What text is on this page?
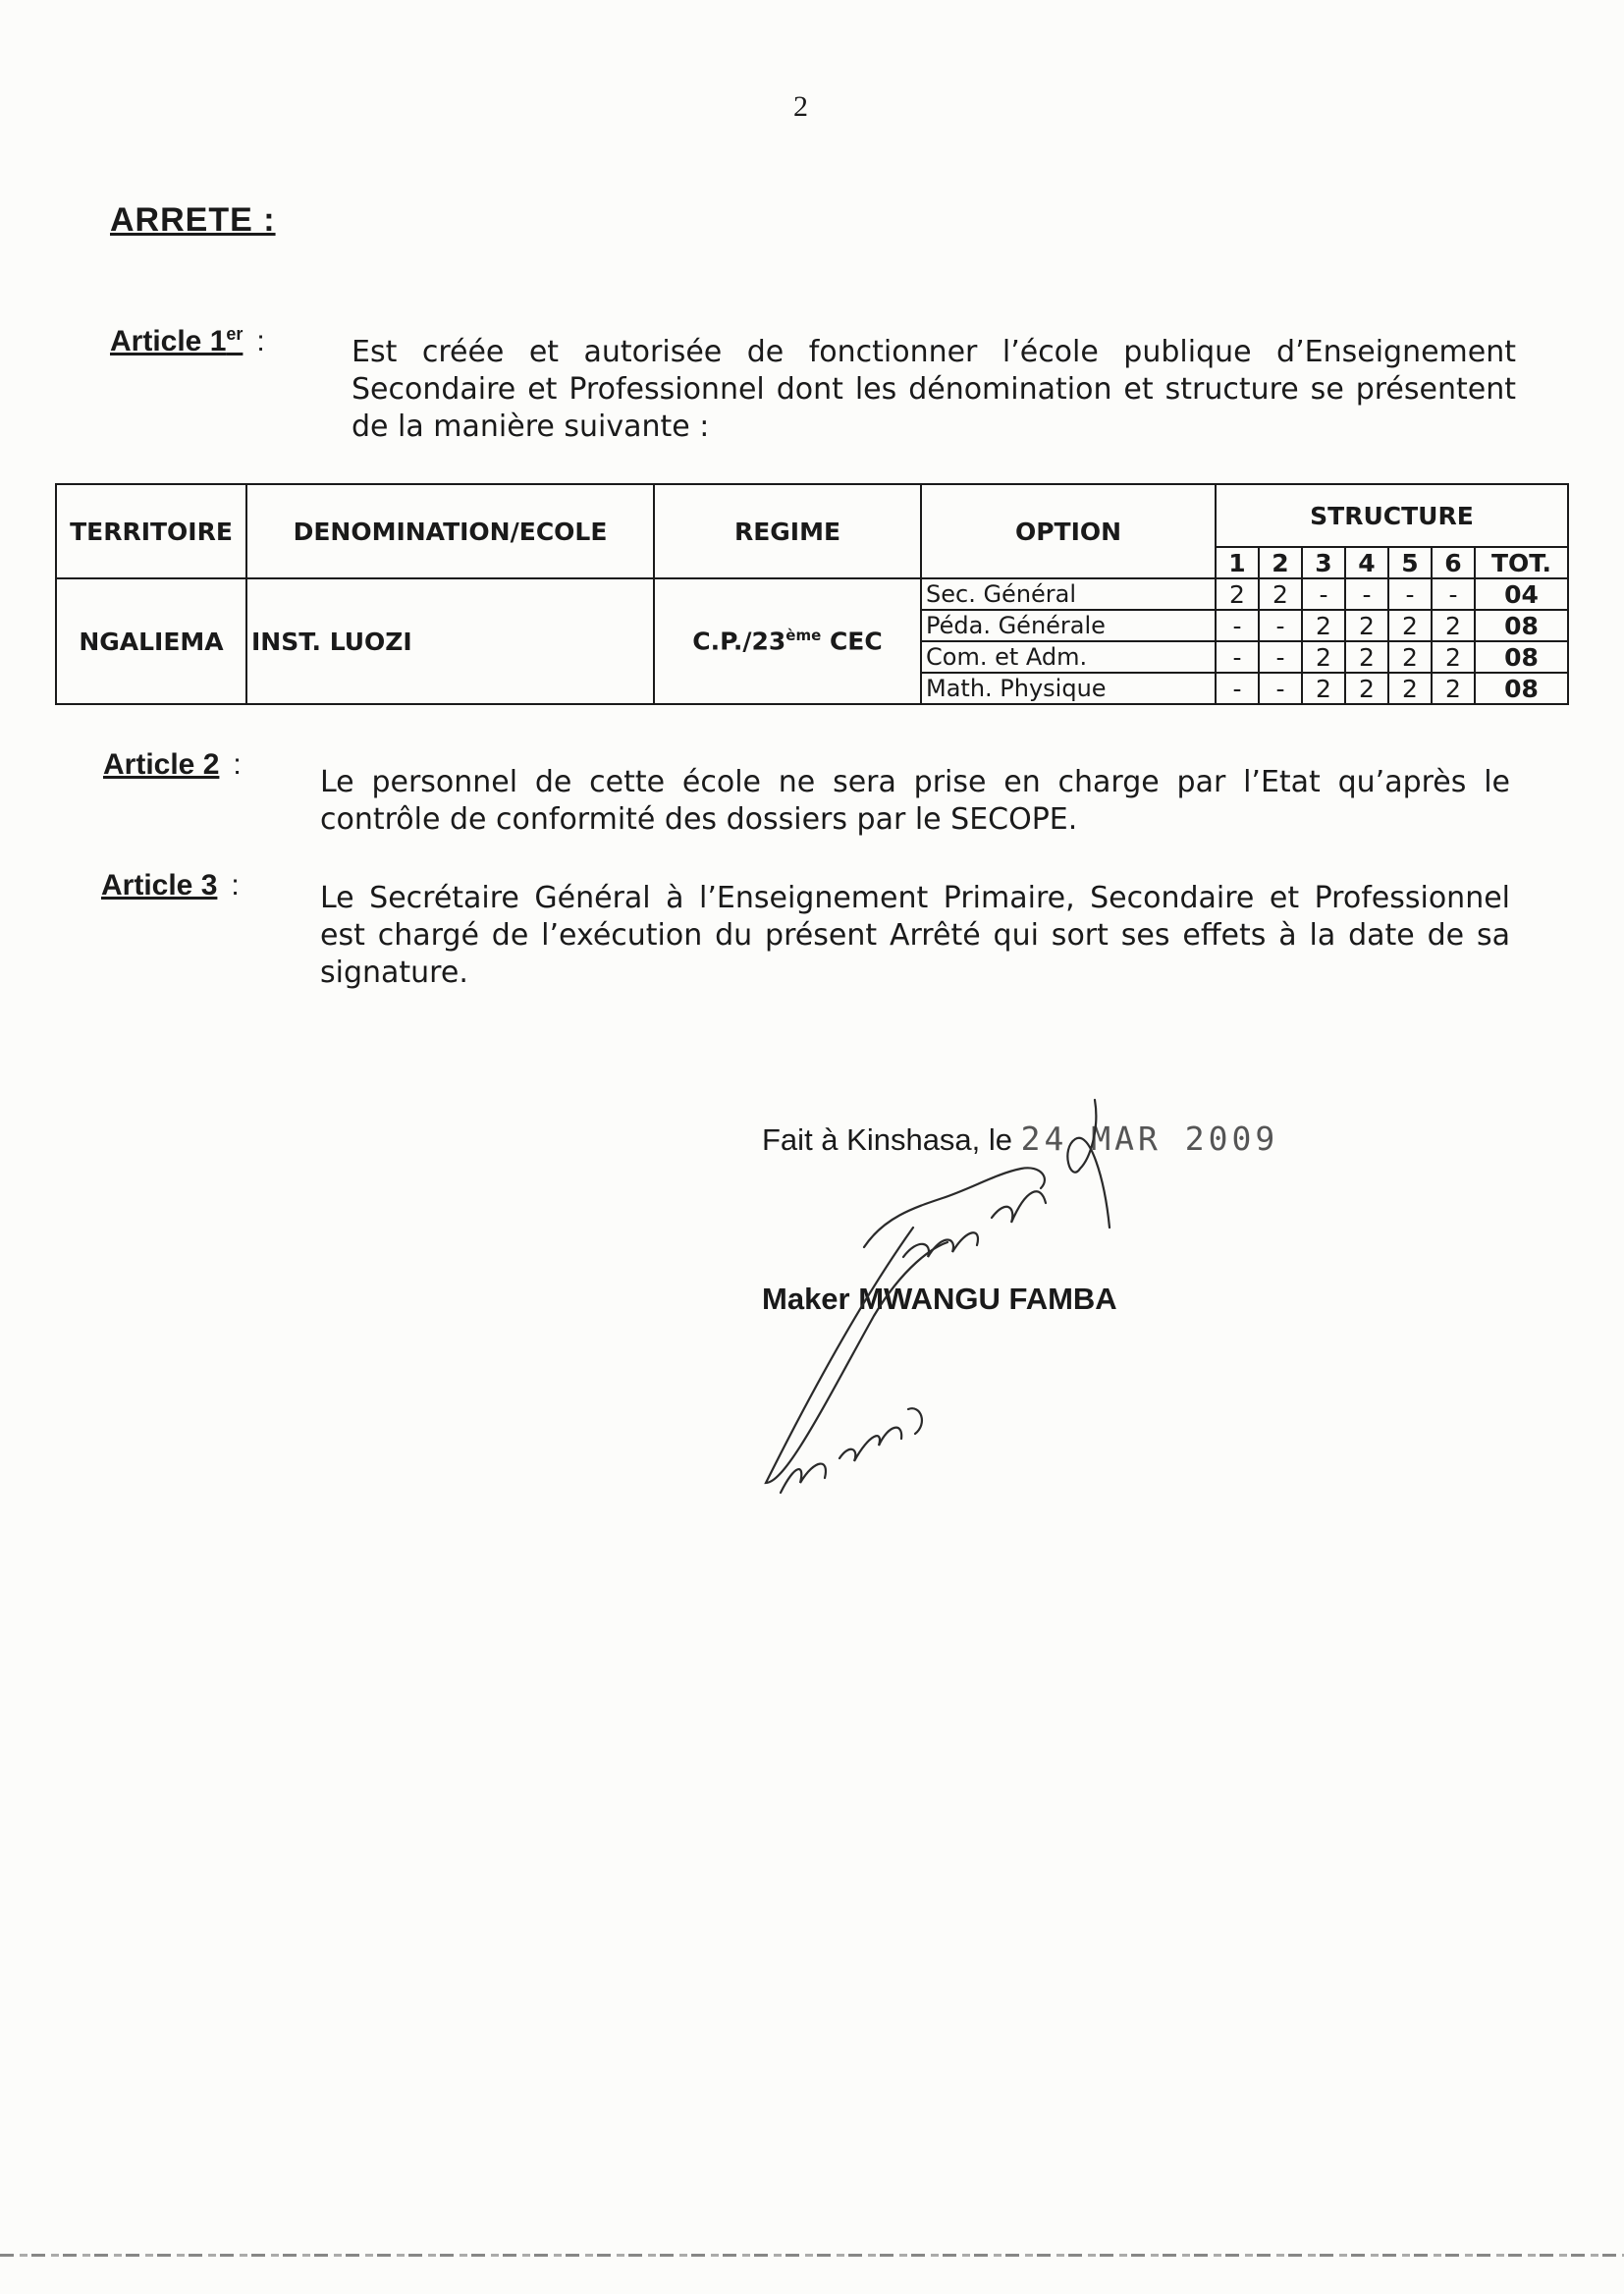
2
ARRETE :
Article 1er :	Est créée et autorisée de fonctionner l’école publique d’Enseignement Secondaire et Professionnel dont les dénomination et structure se présentent de la manière suivante :
TERRITOIRE	DENOMINATION/ECOLE	REGIME	OPTION	STRUCTURE						
				1	2	3	4	5	6	TOT.
NGALIEMA	INST. LUOZI	C.P./23ème CEC	Sec. Général	2	2	-	-	-	-	04
			Péda. Générale	-	-	2	2	2	2	08
			Com. et Adm.	-	-	2	2	2	2	08
			Math. Physique	-	-	2	2	2	2	08
Article 2 :
Le personnel de cette école ne sera prise en charge par l’Etat qu’après le contrôle de conformité des dossiers par le SECOPE.
Article 3 :	Le Secrétaire Général à l’Enseignement Primaire, Secondaire et Professionnel est chargé de l’exécution du présent Arrêté qui sort ses effets à la date de sa signature.
Fait à Kinshasa, le 24 MAR 2009
Maker MWANGU FAMBA
